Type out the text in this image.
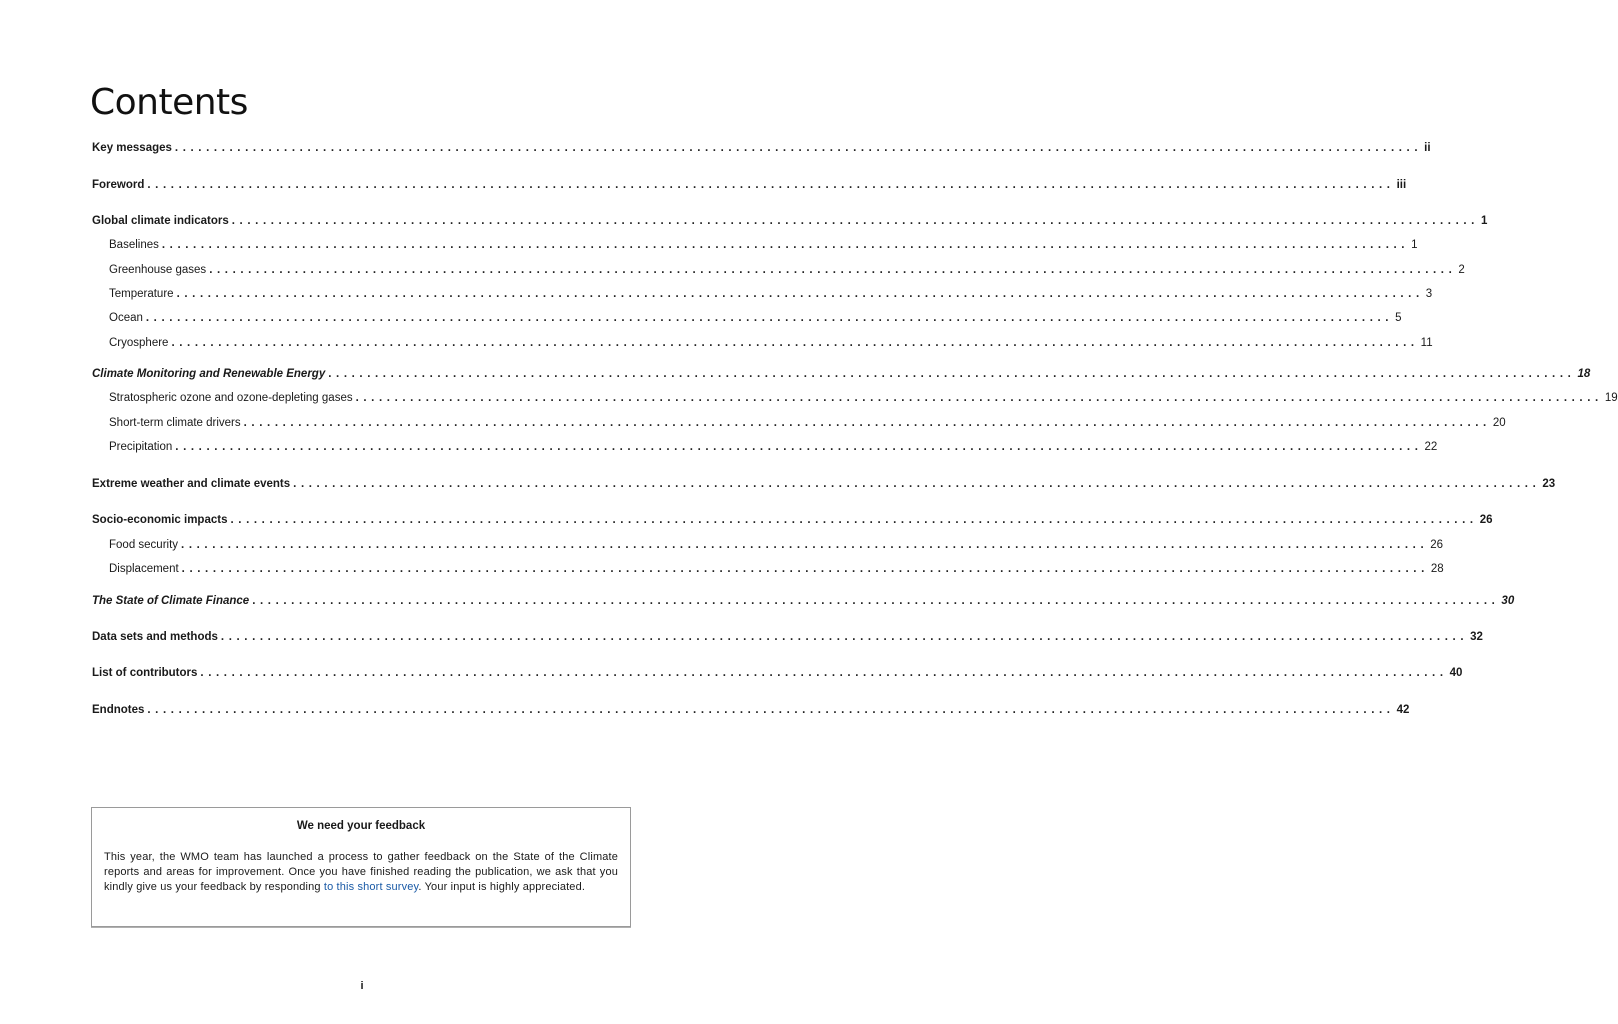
Contents
Key messages ................................................................................................................................................................ ii
Foreword ................................................................................................................................................................ iii
Global climate indicators ................................................................................................................................................................ 1
Baselines ................................................................................................................................................................ 1
Greenhouse gases ................................................................................................................................................................ 2
Temperature ................................................................................................................................................................ 3
Ocean ................................................................................................................................................................ 5
Cryosphere ................................................................................................................................................................ 11
Climate Monitoring and Renewable Energy ................................................................................................................................................................ 18
Stratospheric ozone and ozone-depleting gases ................................................................................................................................................................ 19
Short-term climate drivers ................................................................................................................................................................ 20
Precipitation ................................................................................................................................................................ 22
Extreme weather and climate events ................................................................................................................................................................ 23
Socio-economic impacts ................................................................................................................................................................ 26
Food security ................................................................................................................................................................ 26
Displacement ................................................................................................................................................................ 28
The State of Climate Finance ................................................................................................................................................................ 30
Data sets and methods ................................................................................................................................................................ 32
List of contributors ................................................................................................................................................................ 40
Endnotes ................................................................................................................................................................ 42
We need your feedback
This year, the WMO team has launched a process to gather feedback on the State of the Climate reports and areas for improvement. Once you have finished reading the publication, we ask that you kindly give us your feedback by responding to this short survey. Your input is highly appreciated.
i
